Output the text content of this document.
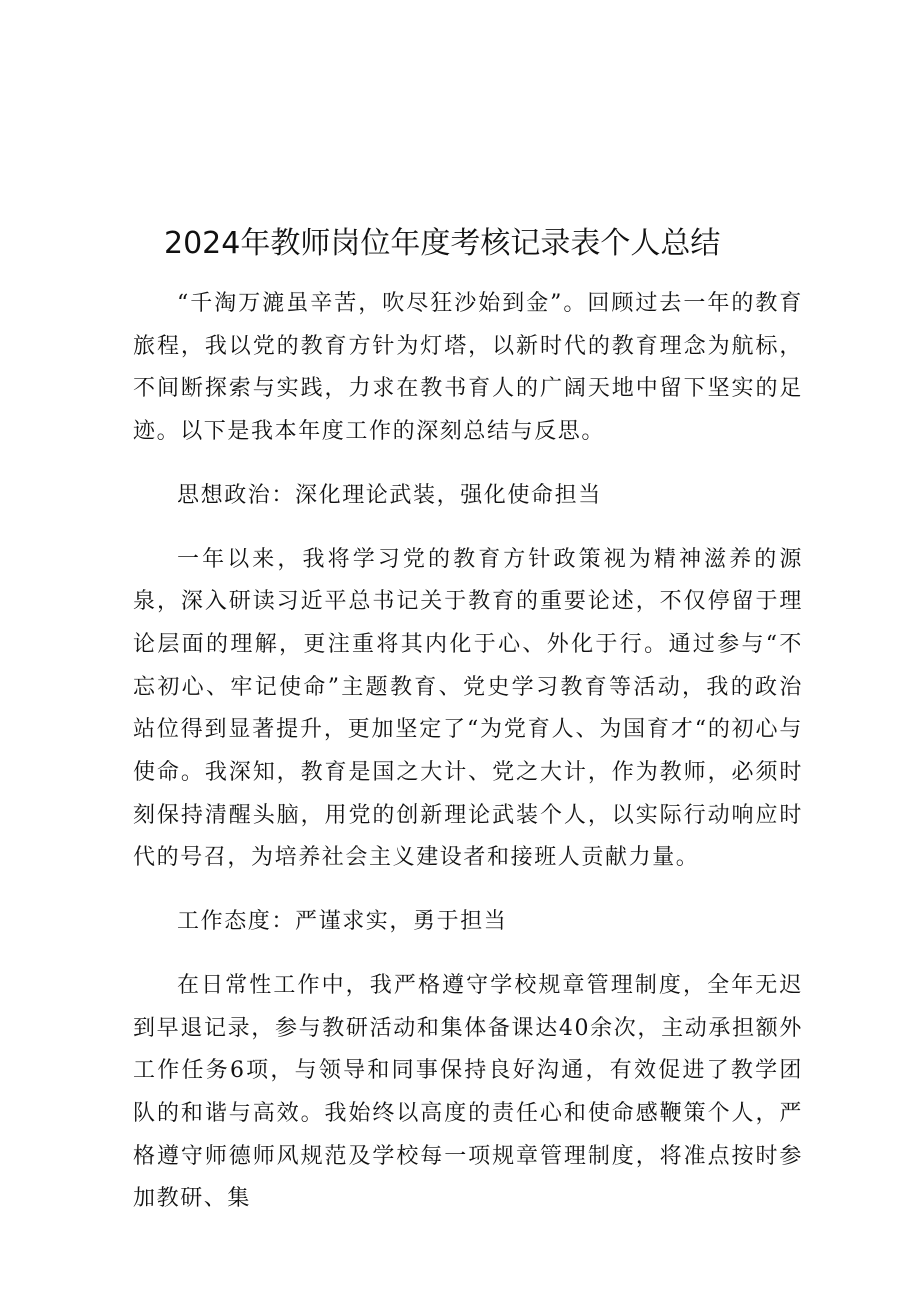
2024年教师岗位年度考核记录表个人总结

“千淘万漉虽辛苦，吹尽狂沙始到金”。回顾过去一年的教育旅程，我以党的教育方针为灯塔，以新时代的教育理念为航标，不间断探索与实践，力求在教书育人的广阔天地中留下坚实的足迹。以下是我本年度工作的深刻总结与反思。

思想政治：深化理论武装，强化使命担当

一年以来，我将学习党的教育方针政策视为精神滋养的源泉，深入研读习近平总书记关于教育的重要论述，不仅停留于理论层面的理解，更注重将其内化于心、外化于行。通过参与“不忘初心、牢记使命”主题教育、党史学习教育等活动，我的政治站位得到显著提升，更加坚定了“为党育人、为国育才“的初心与使命。我深知，教育是国之大计、党之大计，作为教师，必须时刻保持清醒头脑，用党的创新理论武装个人，以实际行动响应时代的号召，为培养社会主义建设者和接班人贡献力量。

工作态度：严谨求实，勇于担当

在日常性工作中，我严格遵守学校规章管理制度，全年无迟到早退记录，参与教研活动和集体备课达40余次，主动承担额外工作任务6项，与领导和同事保持良好沟通，有效促进了教学团队的和谐与高效。我始终以高度的责任心和使命感鞭策个人，严格遵守师德师风规范及学校每一项规章管理制度，将准点按时参加教研、集
